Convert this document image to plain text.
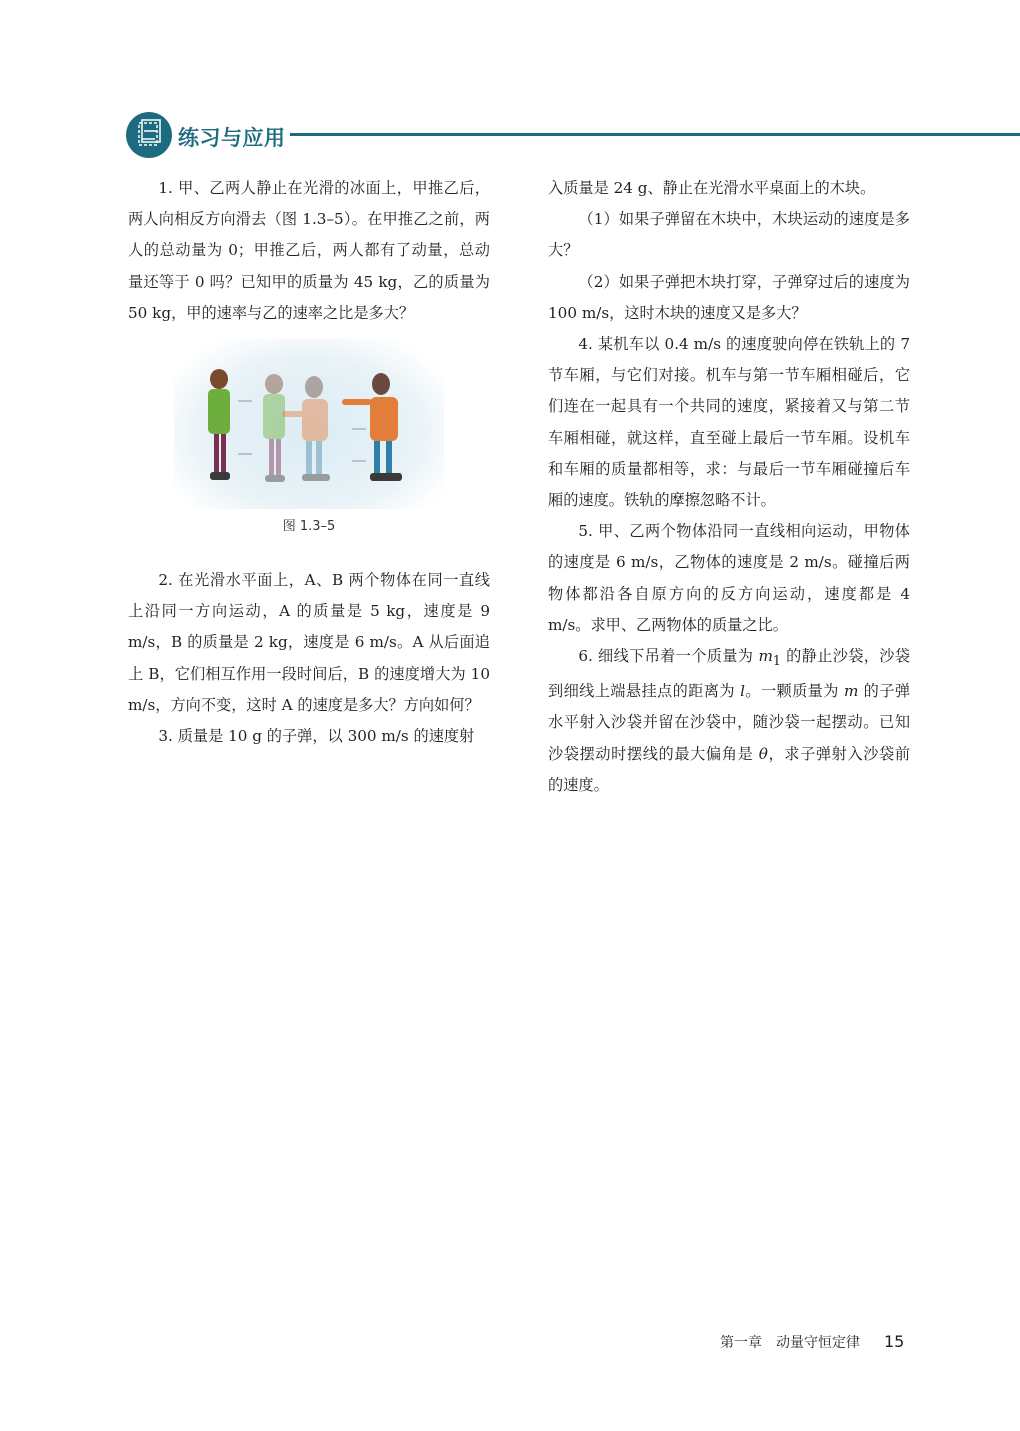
练习与应用

1. 甲、乙两人静止在光滑的冰面上，甲推乙后，两人向相反方向滑去（图 1.3–5）。在甲推乙之前，两人的总动量为 0；甲推乙后，两人都有了动量，总动量还等于 0 吗？已知甲的质量为 45 kg，乙的质量为 50 kg，甲的速率与乙的速率之比是多大？

图 1.3–5

2. 在光滑水平面上，A、B 两个物体在同一直线上沿同一方向运动，A 的质量是 5 kg，速度是 9 m/s，B 的质量是 2 kg，速度是 6 m/s。A 从后面追上 B，它们相互作用一段时间后，B 的速度增大为 10 m/s，方向不变，这时 A 的速度是多大？方向如何？

3. 质量是 10 g 的子弹，以 300 m/s 的速度射

入质量是 24 g、静止在光滑水平桌面上的木块。

（1）如果子弹留在木块中，木块运动的速度是多大？

（2）如果子弹把木块打穿，子弹穿过后的速度为 100 m/s，这时木块的速度又是多大？

4. 某机车以 0.4 m/s 的速度驶向停在铁轨上的 7 节车厢，与它们对接。机车与第一节车厢相碰后，它们连在一起具有一个共同的速度，紧接着又与第二节车厢相碰，就这样，直至碰上最后一节车厢。设机车和车厢的质量都相等，求：与最后一节车厢碰撞后车厢的速度。铁轨的摩擦忽略不计。

5. 甲、乙两个物体沿同一直线相向运动，甲物体的速度是 6 m/s，乙物体的速度是 2 m/s。碰撞后两物体都沿各自原方向的反方向运动，速度都是 4 m/s。求甲、乙两物体的质量之比。

6. 细线下吊着一个质量为 $m_1$ 的静止沙袋，沙袋到细线上端悬挂点的距离为 l。一颗质量为 m 的子弹水平射入沙袋并留在沙袋中，随沙袋一起摆动。已知沙袋摆动时摆线的最大偏角是 θ，求子弹射入沙袋前的速度。

第一章 动量守恒定律 15
